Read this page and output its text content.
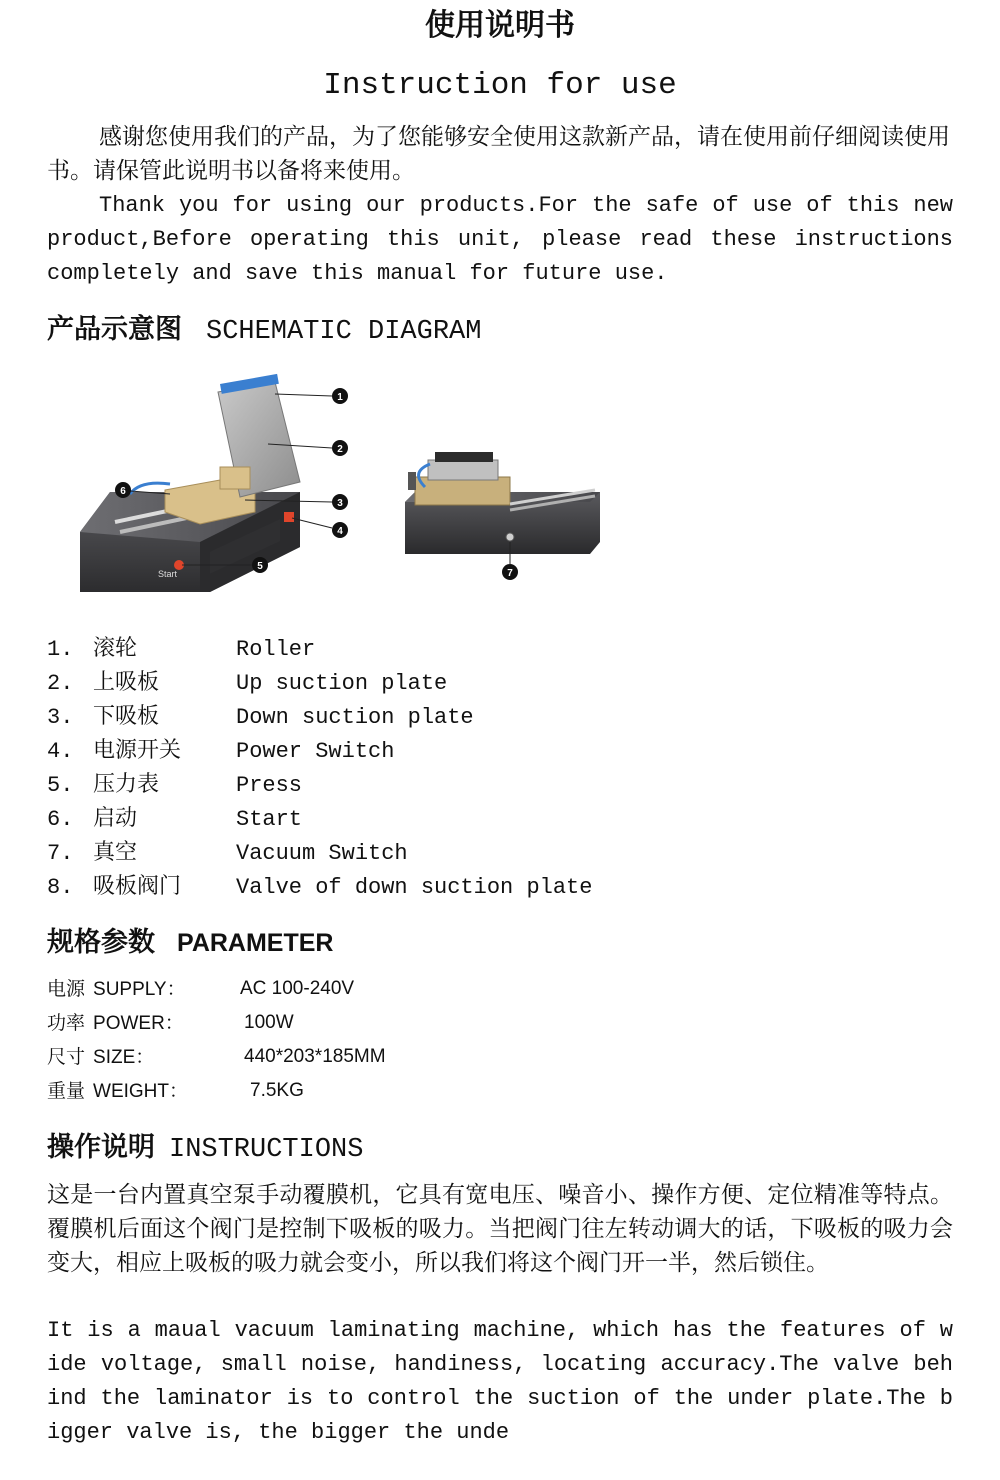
使用说明书
Instruction for use
感谢您使用我们的产品，为了您能够安全使用这款新产品，请在使用前仔细阅读使用书。请保管此说明书以备将来使用。
Thank you for using our products.For the safe of use of this new product,Before operating this unit, please read these instructions completely and save this manual for future use.
产品示意图 SCHEMATIC DIAGRAM
Start
1
2
3
4
5
6
7
1. 滚轮	Roller
2. 上吸板	Up suction plate
3. 下吸板	Down suction plate
4. 电源开关 Power Switch
5. 压力表	Press
6. 启动	Start
7. 真空	Vacuum Switch
8. 吸板阀门 Valve of down suction plate
规格参数 PARAMETER
电源 SUPPLY：	AC 100-240V
功率 POWER：	100W
尺寸 SIZE：	440*203*185MM
重量 WEIGHT：	7.5KG
操作说明 INSTRUCTIONS
这是一台内置真空泵手动覆膜机，它具有宽电压、噪音小、操作方便、定位精准等特点。覆膜机后面这个阀门是控制下吸板的吸力。当把阀门往左转动调大的话，下吸板的吸力会变大，相应上吸板的吸力就会变小，所以我们将这个阀门开一半，然后锁住。
It is a maual vacuum laminating machine, which has the features of wide voltage, small noise, handiness, locating accuracy.The valve behind the laminator is to control the suction of the under plate.The bigger valve is, the bigger the unde
